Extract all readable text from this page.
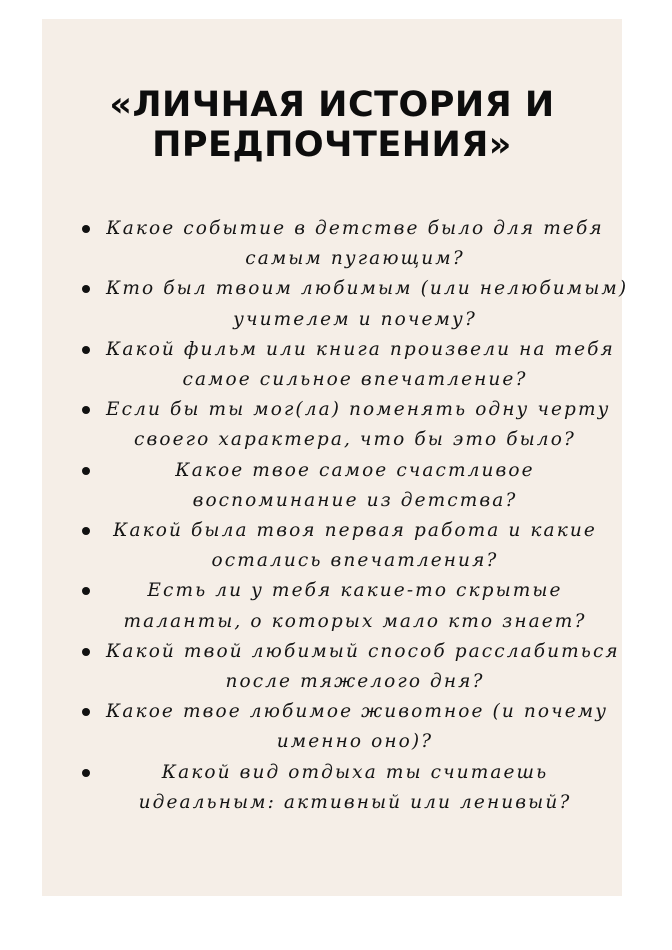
«ЛИЧНАЯ ИСТОРИЯ И
ПРЕДПОЧТЕНИЯ»
Какое событие в детстве было для тебя
самым пугающим?
Кто был твоим любимым (или нелюбимым)
учителем и почему?
Какой фильм или книга произвели на тебя
самое сильное впечатление?
Если бы ты мог(ла) поменять одну черту
своего характера, что бы это было?
Какое твое самое счастливое
воспоминание из детства?
Какой была твоя первая работа и какие
остались впечатления?
Есть ли у тебя какие-то скрытые
таланты, о которых мало кто знает?
Какой твой любимый способ расслабиться
после тяжелого дня?
Какое твое любимое животное (и почему
именно оно)?
Какой вид отдыха ты считаешь
идеальным: активный или ленивый?
